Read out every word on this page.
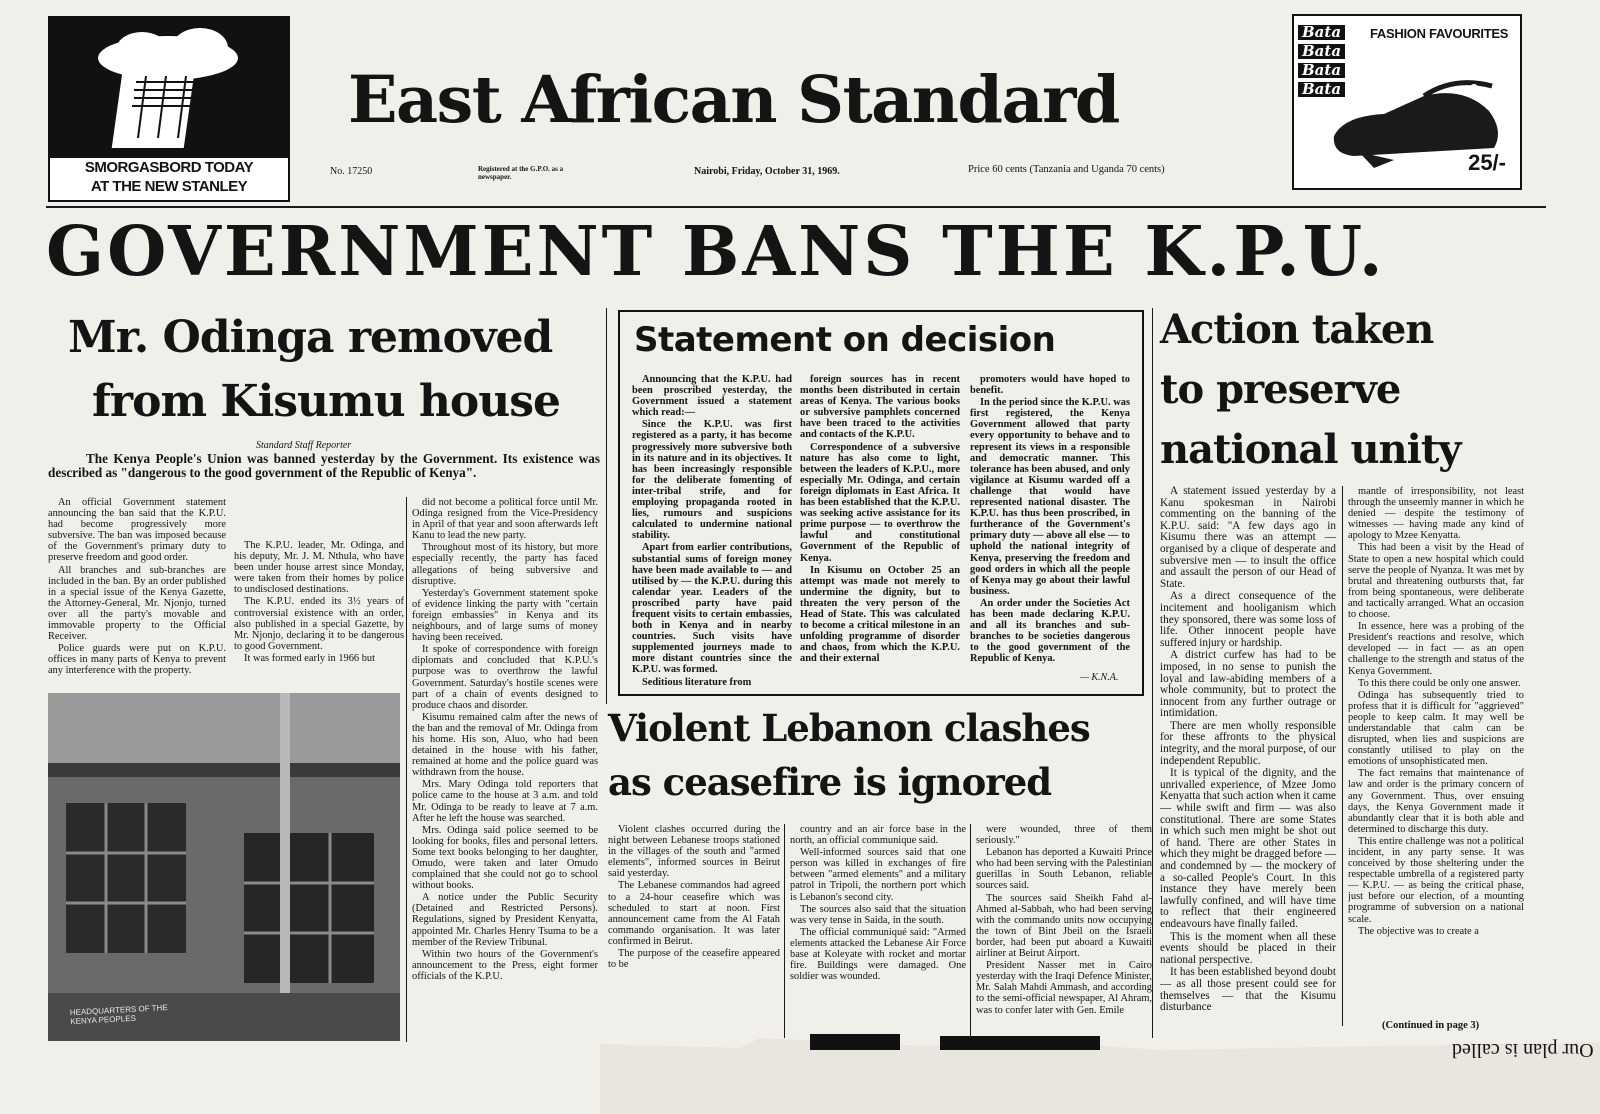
SMORGASBORD TODAY
AT THE NEW STANLEY
Bata
Bata
Bata
Bata
FASHION FAVOURITES
25/-
East African Standard
No. 17250	Registered at the G.P.O. as a newspaper.	Nairobi, Friday, October 31, 1969.	Price 60 cents (Tanzania and Uganda 70 cents)
GOVERNMENT BANS THE K.P.U.
Mr. Odinga removed
from Kisumu house
Standard Staff Reporter
The Kenya People's Union was banned yesterday by the Government. Its existence was described as "dangerous to the good government of the Republic of Kenya".

An official Government statement announcing the ban said that the K.P.U. had become progressively more subversive. The ban was imposed because of the Government's primary duty to preserve freedom and good order.

All branches and sub-branches are included in the ban. By an order published in a special issue of the Kenya Gazette, the Attorney-General, Mr. Njonjo, turned over all the party's movable and immovable property to the Official Receiver.

Police guards were put on K.P.U. offices in many parts of Kenya to prevent any interference with the property.

The K.P.U. leader, Mr. Odinga, and his deputy, Mr. J. M. Nthula, who have been under house arrest since Monday, were taken from their homes by police to undisclosed destinations.

The K.P.U. ended its 3½ years of controversial existence with an order, also published in a special Gazette, by Mr. Njonjo, declaring it to be dangerous to good Government.

It was formed early in 1966 but

did not become a political force until Mr. Odinga resigned from the Vice-Presidency in April of that year and soon afterwards left Kanu to lead the new party.

Throughout most of its history, but more especially recently, the party has faced allegations of being subversive and disruptive.

Yesterday's Government statement spoke of evidence linking the party with "certain foreign embassies" in Kenya and its neighbours, and of large sums of money having been received.

It spoke of correspondence with foreign diplomats and concluded that K.P.U.'s purpose was to overthrow the lawful Government. Saturday's hostile scenes were part of a chain of events designed to produce chaos and disorder.

Kisumu remained calm after the news of the ban and the removal of Mr. Odinga from his home. His son, Aluo, who had been detained in the house with his father, remained at home and the police guard was withdrawn from the house.

Mrs. Mary Odinga told reporters that police came to the house at 3 a.m. and told Mr. Odinga to be ready to leave at 7 a.m. After he left the house was searched.

Mrs. Odinga said police seemed to be looking for books, files and personal letters. Some text books belonging to her daughter, Omudo, were taken and later Omudo complained that she could not go to school without books.

A notice under the Public Security (Detained and Restricted Persons). Regulations, signed by President Kenyatta, appointed Mr. Charles Henry Tsuma to be a member of the Review Tribunal.

Within two hours of the Government's announcement to the Press, eight former officials of the K.P.U.

HEADQUARTERS OF THE KENYA PEOPLES
Statement on decision

Announcing that the K.P.U. had been proscribed yesterday, the Government issued a statement which read:—

Since the K.P.U. was first registered as a party, it has become progressively more subversive both in its nature and in its objectives. It has been increasingly responsible for the deliberate fomenting of inter-tribal strife, and for employing propaganda rooted in lies, rumours and suspicions calculated to undermine national stability.

Apart from earlier contributions, substantial sums of foreign money have been made available to — and utilised by — the K.P.U. during this calendar year. Leaders of the proscribed party have paid frequent visits to certain embassies, both in Kenya and in nearby countries. Such visits have supplemented journeys made to more distant countries since the K.P.U. was formed.

Seditious literature from

foreign sources has in recent months been distributed in certain areas of Kenya. The various books or subversive pamphlets concerned have been traced to the activities and contacts of the K.P.U.

Correspondence of a subversive nature has also come to light, between the leaders of K.P.U., more especially Mr. Odinga, and certain foreign diplomats in East Africa. It has been established that the K.P.U. was seeking active assistance for its prime purpose — to overthrow the lawful and constitutional Government of the Republic of Kenya.

In Kisumu on October 25 an attempt was made not merely to undermine the dignity, but to threaten the very person of the Head of State. This was calculated to become a critical milestone in an unfolding programme of disorder and chaos, from which the K.P.U. and their external

promoters would have hoped to benefit.

In the period since the K.P.U. was first registered, the Kenya Government allowed that party every opportunity to behave and to represent its views in a responsible and democratic manner. This tolerance has been abused, and only vigilance at Kisumu warded off a challenge that would have represented national disaster. The K.P.U. has thus been proscribed, in furtherance of the Government's primary duty — above all else — to uphold the national integrity of Kenya, preserving the freedom and good orders in which all the people of Kenya may go about their lawful business.

An order under the Societies Act has been made declaring K.P.U. and all its branches and sub-branches to be societies dangerous to the good government of the Republic of Kenya.

— K.N.A.
Violent Lebanon clashes
as ceasefire is ignored

Violent clashes occurred during the night between Lebanese troops stationed in the villages of the south and "armed elements", informed sources in Beirut said yesterday.

The Lebanese commandos had agreed to a 24-hour ceasefire which was scheduled to start at noon. First announcement came from the Al Fatah commando organisation. It was later confirmed in Beirut.

The purpose of the ceasefire appeared to be

country and an air force base in the north, an official communique said.

Well-informed sources said that one person was killed in exchanges of fire between "armed elements" and a military patrol in Tripoli, the northern port which is Lebanon's second city.

The sources also said that the situation was very tense in Saida, in the south.

The official communiqué said: "Armed elements attacked the Lebanese Air Force base at Koleyate with rocket and mortar fire. Buildings were damaged. One soldier was wounded.

were wounded, three of them seriously."

Lebanon has deported a Kuwaiti Prince who had been serving with the Palestinian guerillas in South Lebanon, reliable sources said.

The sources said Sheikh Fahd al-Ahmed al-Sabbah, who had been serving with the commando units now occupying the town of Bint Jbeil on the Israeli border, had been put aboard a Kuwaiti airliner at Beirut Airport.

President Nasser met in Cairo yesterday with the Iraqi Defence Minister, Mr. Salah Mahdi Ammash, and according to the semi-official newspaper, Al Ahram, was to confer later with Gen. Emile

Action taken
to preserve
national unity

A statement issued yesterday by a Kanu spokesman in Nairobi commenting on the banning of the K.P.U. said: "A few days ago in Kisumu there was an attempt — organised by a clique of desperate and subversive men — to insult the office and assault the person of our Head of State.

As a direct consequence of the incitement and hooliganism which they sponsored, there was some loss of life. Other innocent people have suffered injury or hardship.

A district curfew has had to be imposed, in no sense to punish the loyal and law-abiding members of a whole community, but to protect the innocent from any further outrage or intimidation.

There are men wholly responsible for these affronts to the physical integrity, and the moral purpose, of our independent Republic.

It is typical of the dignity, and the unrivalled experience, of Mzee Jomo Kenyatta that such action when it came — while swift and firm — was also constitutional. There are some States in which such men might be shot out of hand. There are other States in which they might be dragged before — and condemned by — the mockery of a so-called People's Court. In this instance they have merely been lawfully confined, and will have time to reflect that their engineered endeavours have finally failed.

This is the moment when all these events should be placed in their national perspective.

It has been established beyond doubt — as all those present could see for themselves — that the Kisumu disturbance

mantle of irresponsibility, not least through the unseemly manner in which he denied — despite the testimony of witnesses — having made any kind of apology to Mzee Kenyatta.

This had been a visit by the Head of State to open a new hospital which could serve the people of Nyanza. It was met by brutal and threatening outbursts that, far from being spontaneous, were deliberate and tactically arranged. What an occasion to choose.

In essence, here was a probing of the President's reactions and resolve, which developed — in fact — as an open challenge to the strength and status of the Kenya Government.

To this there could be only one answer.

Odinga has subsequently tried to profess that it is difficult for "aggrieved" people to keep calm. It may well be understandable that calm can be disrupted, when lies and suspicions are constantly utilised to play on the emotions of unsophisticated men.

The fact remains that maintenance of law and order is the primary concern of any Government. Thus, over ensuing days, the Kenya Government made it abundantly clear that it is both able and determined to discharge this duty.

This entire challenge was not a political incident, in any party sense. It was conceived by those sheltering under the respectable umbrella of a registered party — K.P.U. — as being the critical phase, just before our election, of a mounting programme of subversion on a national scale.

The objective was to create a

(Continued in page 3)
Our plan is called
